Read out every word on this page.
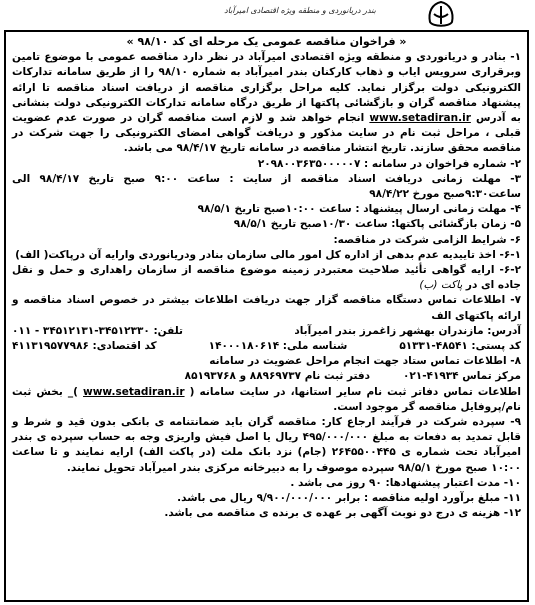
بندر دریانوردی و منطقه ویژه اقتصادی امیرآباد

« فراخوان مناقصه عمومی یک مرحله ای کد ۹۸/۱۰ »

۱- بنادر و دریانوردی و منطقه ویژه اقتصادی امیرآباد در نظر دارد مناقصه عمومی با موضوع تامین وبرقراری سرویس ایاب و ذهاب کارکنان بندر امیرآباد به شماره ۹۸/۱۰ را از طریق سامانه تدارکات الکترونیکی دولت برگزار نماید. کلیه مراحل برگزاری مناقصه از دریافت اسناد مناقصه تا ارائه پیشنهاد مناقصه گران و بازگشائی پاکتها از طریق درگاه سامانه تدارکات الکترونیکی دولت بنشانی به آدرس www.setadiran.ir انجام خواهد شد و لازم است مناقصه گران در صورت عدم عضویت قبلی ، مراحل ثبت نام در سایت مذکور و دریافت گواهی امضای الکترونیکی را جهت شرکت در مناقصه محقق سازند. تاریخ انتشار مناقصه در سامانه تاریخ ۹۸/۴/۱۷ می باشد.

۲- شماره فراخوان در سامانه : ۲۰۹۸۰۰۳۶۳۵۰۰۰۰۰۷

۳- مهلت زمانی دریافت اسناد مناقصه از سایت : ساعت ۹:۰۰ صبح تاریخ ۹۸/۴/۱۷ الی ساعت۹:۳۰صبح مورخ ۹۸/۴/۲۲

۴- مهلت زمانی ارسال پیشنهاد : ساعت ۱۰:۰۰صبح تاریخ ۹۸/۵/۱

۵- زمان بازگشائی پاکتها: ساعت ۱۰/۳۰صبح تاریخ ۹۸/۵/۱

۶- شرایط الزامی شرکت در مناقصه:

۶-۱- اخذ تاییدیه عدم بدهی از اداره کل امور مالی سازمان بنادر ودریانوردی وارایه آن درپاکت( الف)

۶-۲- ارایه گواهی تأئید صلاحیت معتبردر زمینه موضوع مناقصه از سازمان راهداری و حمل و نقل جاده ای در پاکت (ب)

۷- اطلاعات تماس دستگاه مناقصه گزار جهت دریافت اطلاعات بیشتر در خصوص اسناد مناقصه و ارائه پاکتهای الف

آدرس: مازندران بهشهر زاغمرز بندر امیرآباد
تلفن: ۳۴۵۱۲۳۳۰-۳۴۵۱۲۱۳۱ - ۰۱۱
کد پستی: ۴۸۵۴۱-۵۱۳۳۱
شناسه ملی: ۱۴۰۰۰۱۸۰۶۱۴
کد اقتصادی: ۴۱۱۳۱۹۵۷۷۹۸۶

۸- اطلاعات تماس ستاد جهت انجام مراحل عضویت در سامانه

مرکز تماس ۴۱۹۳۴-۰۲۱         دفتر ثبت نام ۸۸۹۶۹۷۳۷ و ۸۵۱۹۳۷۶۸

اطلاعات تماس دفاتر ثبت نام سایر استانها، در سایت سامانه ( www.setadiran.ir )_ بخش ثبت نام/پروفایل مناقصه گر موجود است.

۹- سپرده شرکت در فرآیند ارجاع کار: مناقصه گران باید ضمانتنامه ی بانکی بدون قید و شرط و قابل تمدید به دفعات به مبلغ ۴۹۵/۰۰۰/۰۰۰ ریال یا اصل فیش واریزی وجه به حساب سپرده ی بندر امیرآباد تحت شماره ی ۲۶۴۵۵۰۰۴۴۵ (جام) نزد بانک ملت (در پاکت الف) ارایه نمایند و تا ساعت ۱۰:۰۰ صبح مورخ ۹۸/۵/۱ سپرده موصوف را به دبیرخانه مرکزی بندر امیرآباد تحویل نمایند.

۱۰- مدت اعتبار پیشنهادها: ۹۰ روز می باشد .

۱۱- مبلغ برآورد اولیه مناقصه : برابر ۹/۹۰۰/۰۰۰/۰۰۰ ریال می باشد.

۱۲- هزینه ی درج دو نوبت آگهی بر عهده ی برنده ی مناقصه می باشد.
